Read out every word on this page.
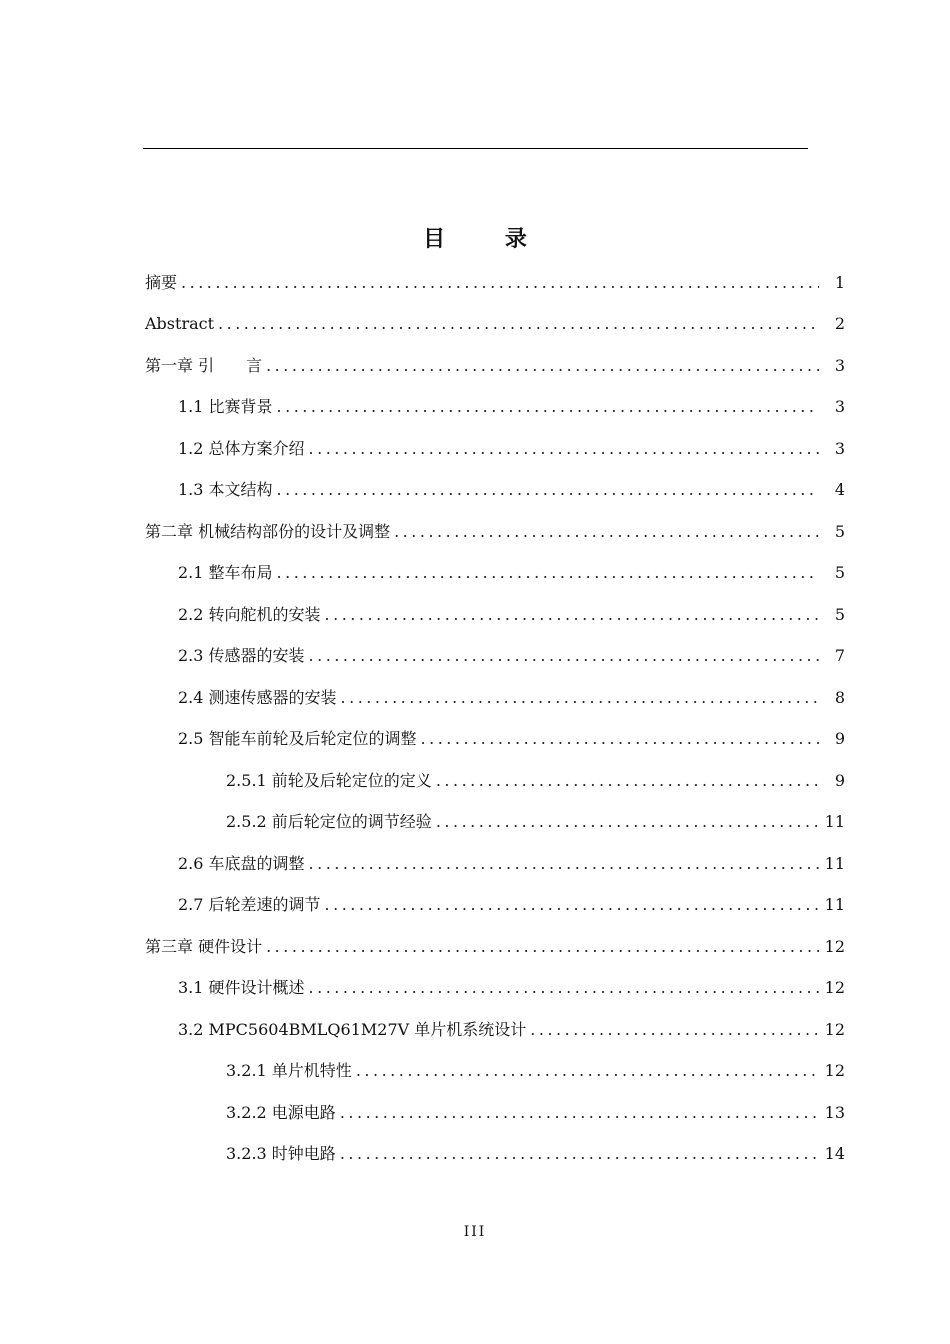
目 录
摘要 .....	1
Abstract .....	2
第一章 引　　言 .....	3
1.1 比赛背景 .....	3
1.2 总体方案介绍 .....	3
1.3 本文结构 .....	4
第二章 机械结构部份的设计及调整 .....	5
2.1 整车布局 .....	5
2.2 转向舵机的安装 .....	5
2.3 传感器的安装 .....	7
2.4 测速传感器的安装 .....	8
2.5 智能车前轮及后轮定位的调整 .....	9
2.5.1 前轮及后轮定位的定义 .....	9
2.5.2 前后轮定位的调节经验 .....	11
2.6 车底盘的调整 .....	11
2.7 后轮差速的调节 .....	11
第三章 硬件设计 .....	12
3.1 硬件设计概述 .....	12
3.2 MPC5604BMLQ61M27V 单片机系统设计 .....	12
3.2.1 单片机特性 .....	12
3.2.2 电源电路 .....	13
3.2.3 时钟电路 .....	14
III
